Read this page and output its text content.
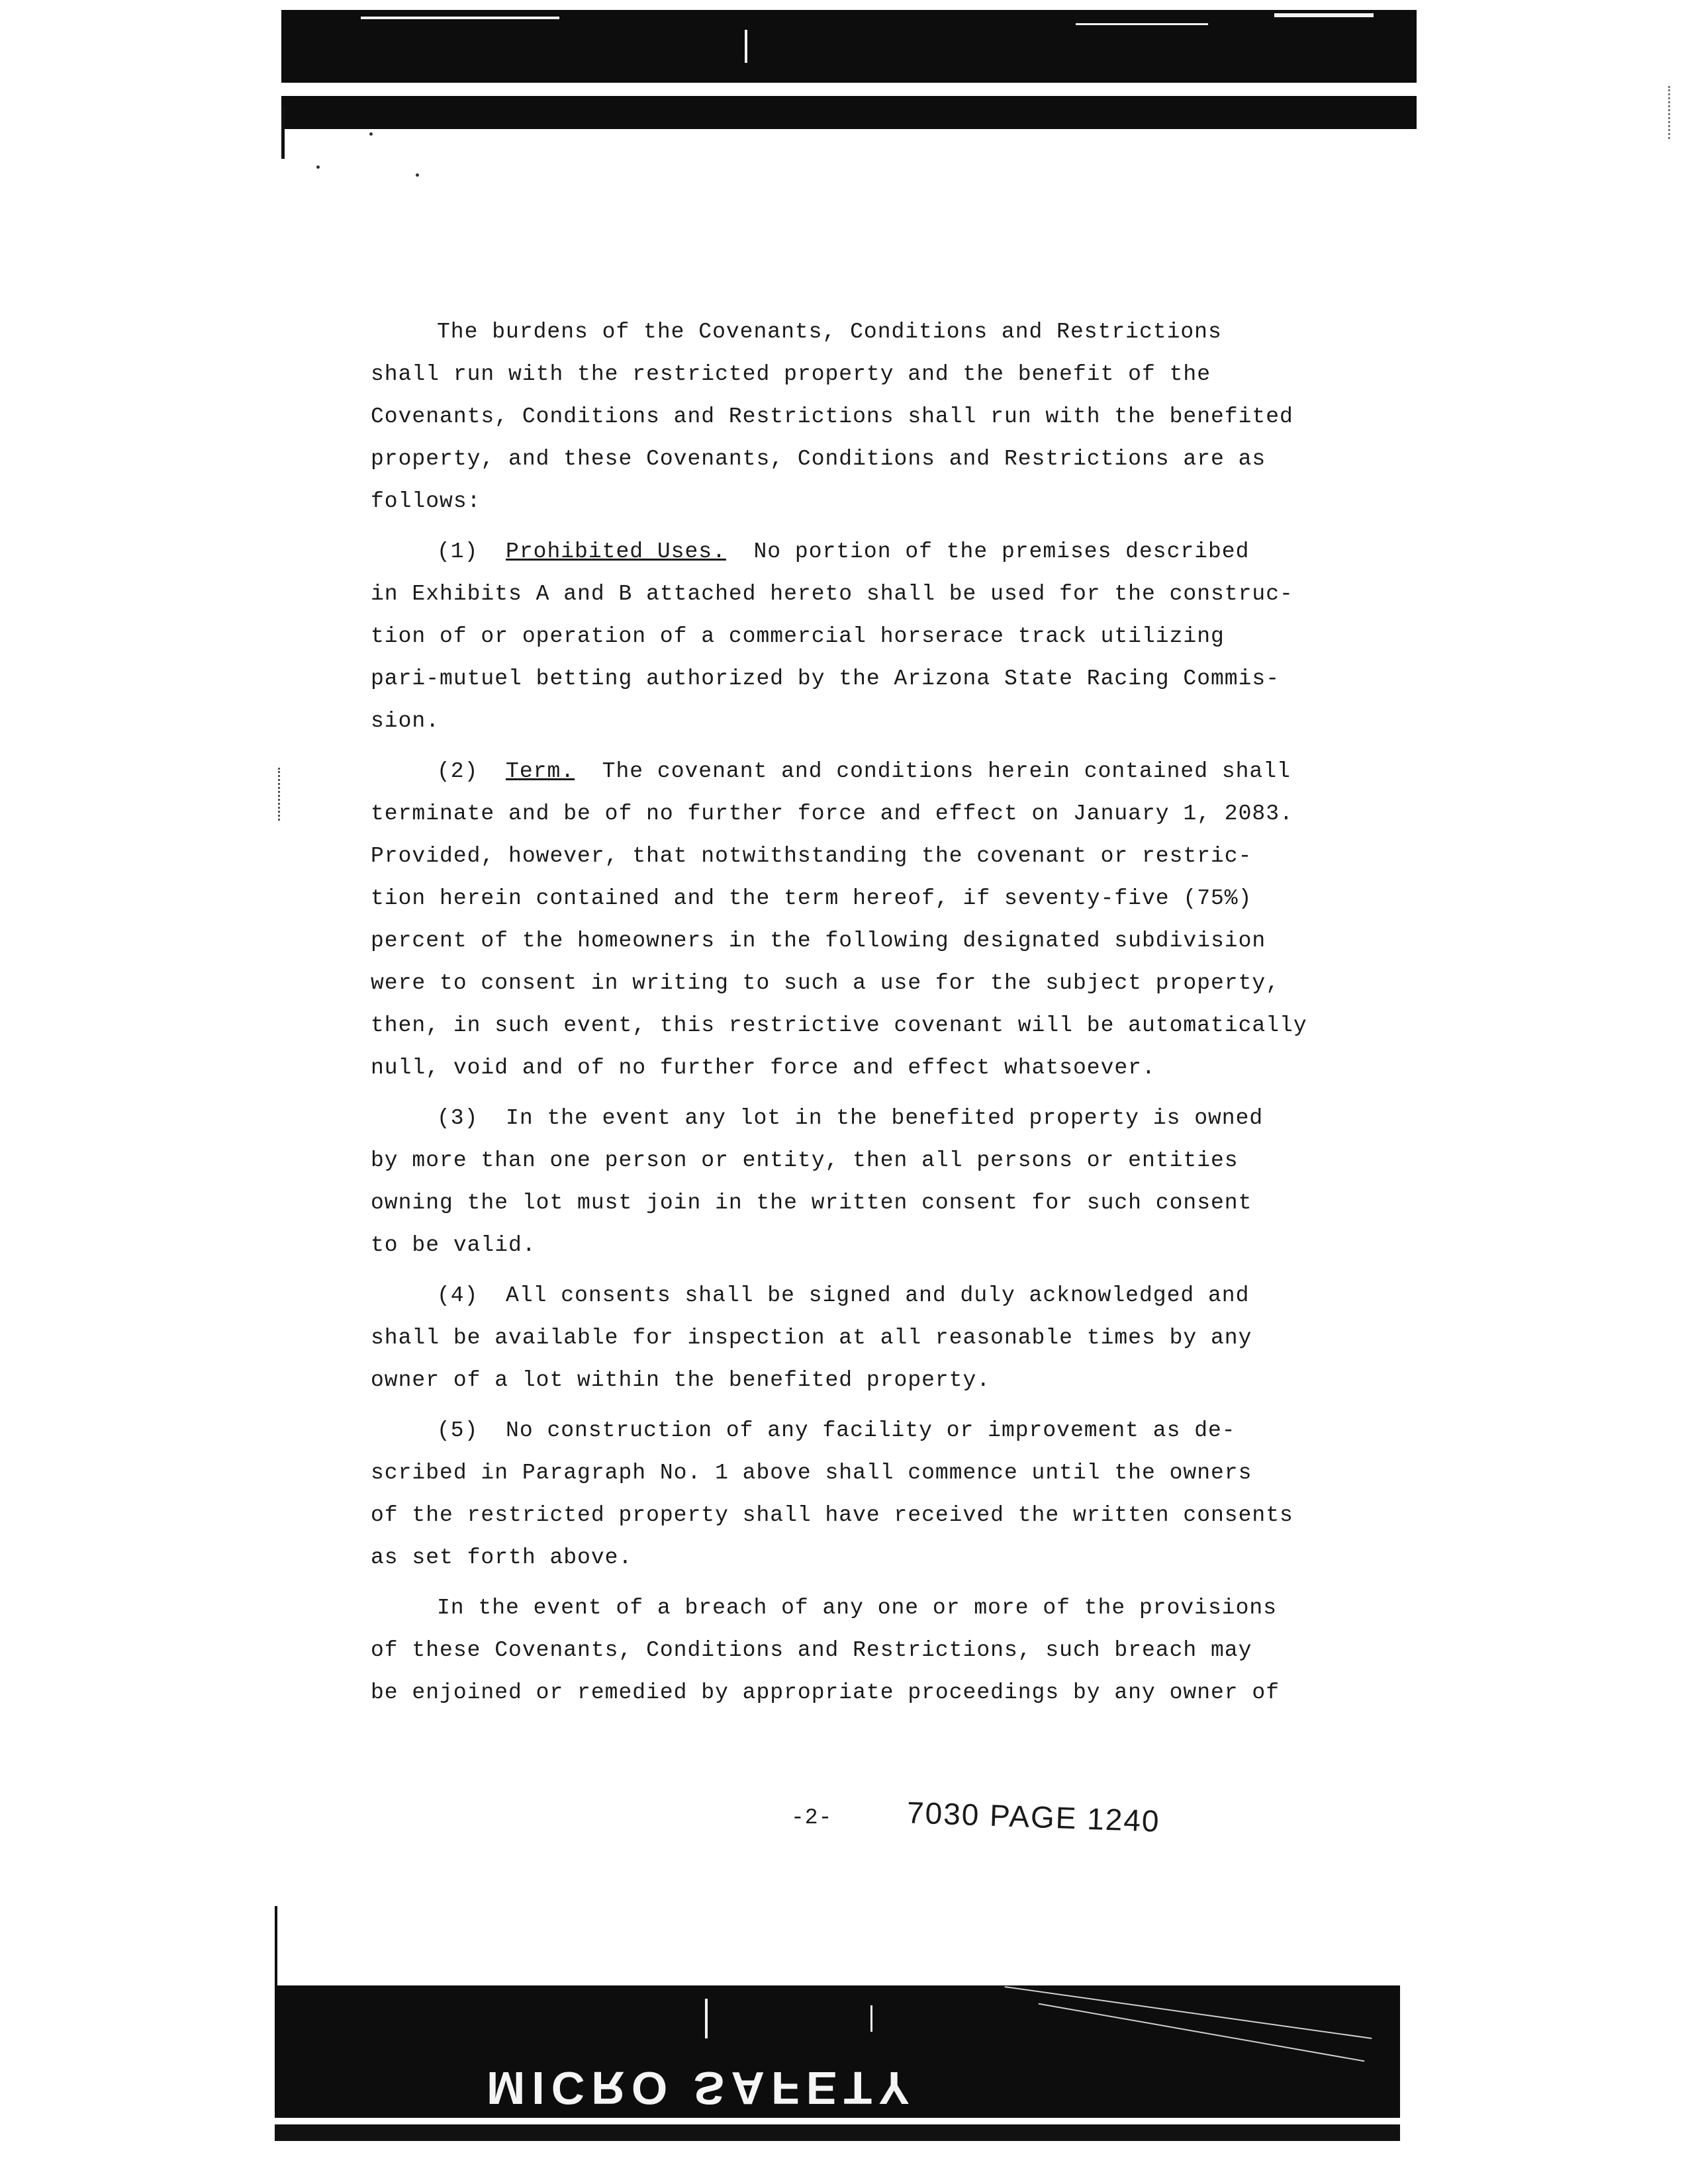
The burdens of the Covenants, Conditions and Restrictions
shall run with the restricted property and the benefit of the
Covenants, Conditions and Restrictions shall run with the benefited
property, and these Covenants, Conditions and Restrictions are as
follows:

(1) Prohibited Uses. No portion of the premises described
in Exhibits A and B attached hereto shall be used for the construc-
tion of or operation of a commercial horserace track utilizing
pari-mutuel betting authorized by the Arizona State Racing Commis-
sion.

(2) Term. The covenant and conditions herein contained shall
terminate and be of no further force and effect on January 1, 2083.
Provided, however, that notwithstanding the covenant or restric-
tion herein contained and the term hereof, if seventy-five (75%)
percent of the homeowners in the following designated subdivision
were to consent in writing to such a use for the subject property,
then, in such event, this restrictive covenant will be automatically
null, void and of no further force and effect whatsoever.

(3) In the event any lot in the benefited property is owned
by more than one person or entity, then all persons or entities
owning the lot must join in the written consent for such consent
to be valid.

(4) All consents shall be signed and duly acknowledged and
shall be available for inspection at all reasonable times by any
owner of a lot within the benefited property.

(5) No construction of any facility or improvement as de-
scribed in Paragraph No. 1 above shall commence until the owners
of the restricted property shall have received the written consents
as set forth above.

In the event of a breach of any one or more of the provisions
of these Covenants, Conditions and Restrictions, such breach may
be enjoined or remedied by appropriate proceedings by any owner of

-2- 7030 PAGE 1240
MICRO SAFETY
